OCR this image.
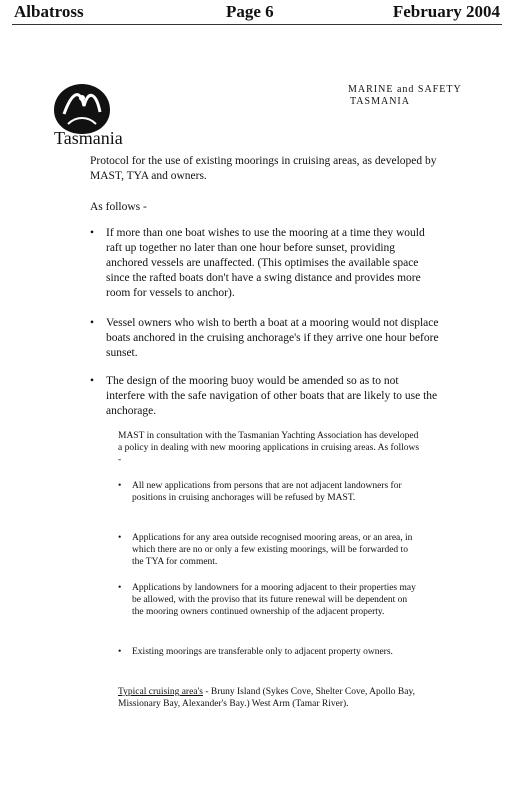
Albatross	Page 6	February 2004
Tasmania
MARINE and SAFETY
TASMANIA
Protocol for the use of existing moorings in cruising areas, as developed by MAST, TYA and owners.
As follows -
• If more than one boat wishes to use the mooring at a time they would raft up together no later than one hour before sunset, providing anchored vessels are unaffected. (This optimises the available space since the rafted boats don't have a swing distance and provides more room for vessels to anchor).
• Vessel owners who wish to berth a boat at a mooring would not displace boats anchored in the cruising anchorage's if they arrive one hour before sunset.
• The design of the mooring buoy would be amended so as to not interfere with the safe navigation of other boats that are likely to use the anchorage.
MAST in consultation with the Tasmanian Yachting Association has developed a policy in dealing with new mooring applications in cruising areas. As follows -
• All new applications from persons that are not adjacent landowners for positions in cruising anchorages will be refused by MAST.
• Applications for any area outside recognised mooring areas, or an area, in which there are no or only a few existing moorings, will be forwarded to the TYA for comment.
• Applications by landowners for a mooring adjacent to their properties may be allowed, with the proviso that its future renewal will be dependent on the mooring owners continued ownership of the adjacent property.
• Existing moorings are transferable only to adjacent property owners.
Typical cruising area's - Bruny Island (Sykes Cove, Shelter Cove, Apollo Bay, Missionary Bay, Alexander's Bay.) West Arm (Tamar River).
